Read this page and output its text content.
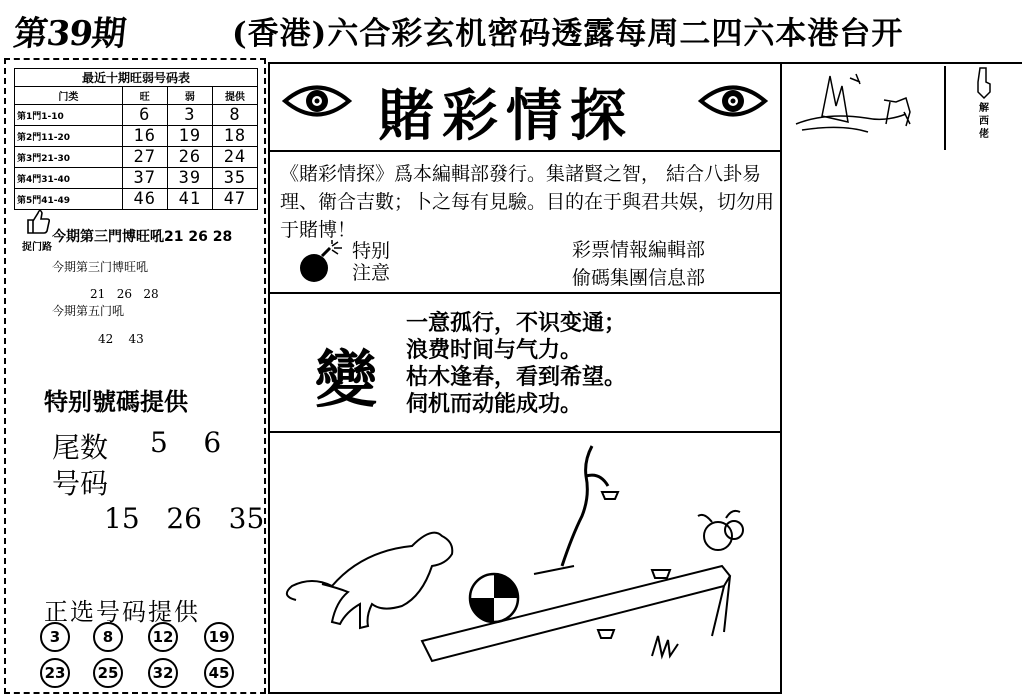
第39期	(香港)六合彩玄机密码透露每周二四六本港台开
最近十期旺弱号码表			
门类	旺	弱	提供
第1門1-10	6	3	8
第2門11-20	16	19	18
第3門21-30	27	26	24
第4門31-40	37	39	35
第5門41-49	46	41	47
捉门路
今期第三門博旺吼21 26 28
今期第三门博旺吼
21   26   28
今期第五门吼
42    43
特别號碼提供
尾数 5    6
号码
15   26   35
正选号码提供
3	8	12	19
23	25	32	45
賭彩情探
《賭彩情探》爲本編輯部發行。集諸賢之智， 結合八卦易理、衛合吉數；卜之每有見驗。目的在于與君共娱，切勿用于賭博！
特别
注意
彩票情報編輯部
偷碼集團信息部
變
一意孤行，不识变通；
浪费时间与气力。
枯木逢春，看到希望。
伺机而动能成功。
解西佬
